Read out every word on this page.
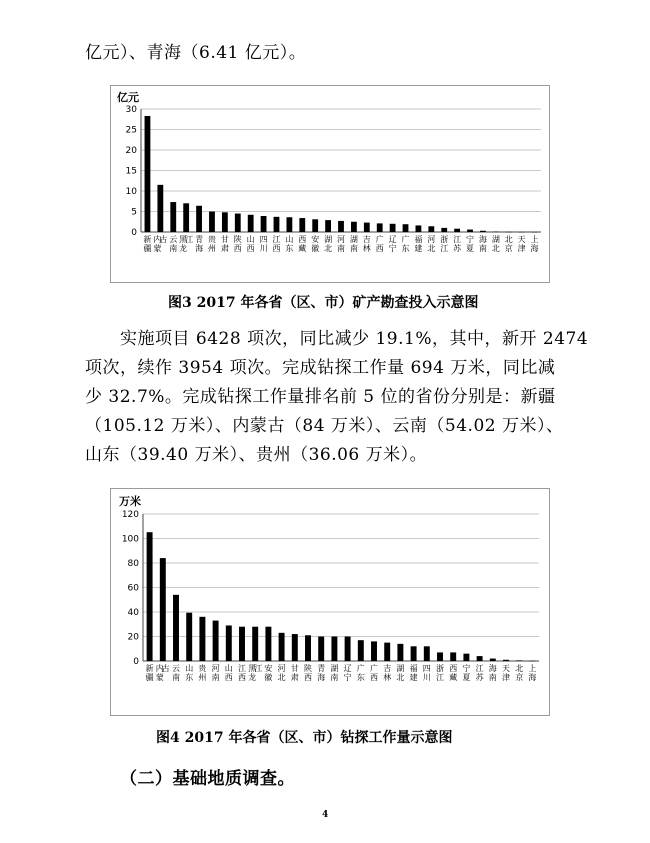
亿元）、青海（6.41 亿元）。
亿元
0
5
10
15
20
25
30
新疆
内蒙古 云南
黑龙江 青海
贵州
甘肃
陕西
山西
四川
江西
山东
西藏
安徽
湖北
河南
湖南
吉林
广西
辽宁
广东
福建
河北
浙江
江苏
宁夏
海南
湖北
北京
天津
上海
图3 2017 年各省（区、市）矿产勘查投入示意图
实施项目 6428 项次，同比减少 19.1%，其中，新开 2474
项次，续作 3954 项次。完成钻探工作量 694 万米，同比减
少 32.7%。完成钻探工作量排名前 5 位的省份分别是：新疆
（105.12 万米）、内蒙古（84 万米）、云南（54.02 万米）、
山东（39.40 万米）、贵州（36.06 万米）。
万米
0
20
40
60
80
100
120
新疆
内蒙古 云南
山东
贵州
河南
山西
江西
黑龙江 安徽
河北
甘肃
陕西
青海
湖南
辽宁
广东
广西
吉林
湖北
福建
四川
浙江
西藏
宁夏
江苏
海南
天津
北京
上海
图4 2017 年各省（区、市）钻探工作量示意图
（二）基础地质调查。
4
